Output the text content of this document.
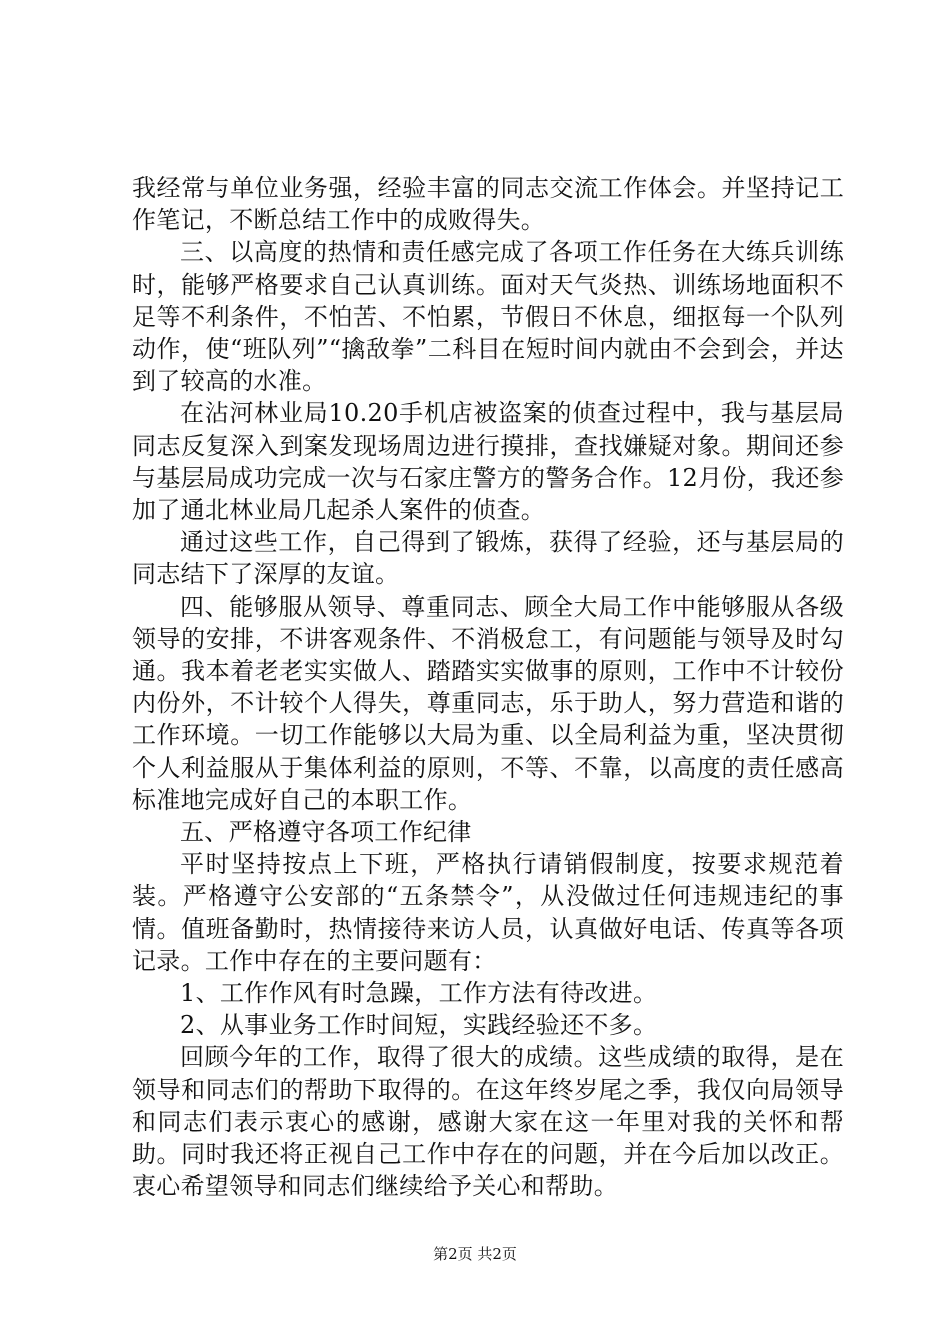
我经常与单位业务强，经验丰富的同志交流工作体会。并坚持记工作笔记，不断总结工作中的成败得失。

三、以高度的热情和责任感完成了各项工作任务在大练兵训练时，能够严格要求自己认真训练。面对天气炎热、训练场地面积不足等不利条件，不怕苦、不怕累，节假日不休息，细抠每一个队列动作，使“班队列”“擒敌拳”二科目在短时间内就由不会到会，并达到了较高的水准。

在沾河林业局10.20手机店被盗案的侦查过程中，我与基层局同志反复深入到案发现场周边进行摸排，查找嫌疑对象。期间还参与基层局成功完成一次与石家庄警方的警务合作。12月份，我还参加了通北林业局几起杀人案件的侦查。

通过这些工作，自己得到了锻炼，获得了经验，还与基层局的同志结下了深厚的友谊。

四、能够服从领导、尊重同志、顾全大局工作中能够服从各级领导的安排，不讲客观条件、不消极怠工，有问题能与领导及时勾通。我本着老老实实做人、踏踏实实做事的原则，工作中不计较份内份外，不计较个人得失，尊重同志，乐于助人，努力营造和谐的工作环境。一切工作能够以大局为重、以全局利益为重，坚决贯彻个人利益服从于集体利益的原则，不等、不靠，以高度的责任感高标准地完成好自己的本职工作。

五、严格遵守各项工作纪律

平时坚持按点上下班，严格执行请销假制度，按要求规范着装。严格遵守公安部的“五条禁令”，从没做过任何违规违纪的事情。值班备勤时，热情接待来访人员，认真做好电话、传真等各项记录。工作中存在的主要问题有：

1、工作作风有时急躁，工作方法有待改进。

2、从事业务工作时间短，实践经验还不多。

回顾今年的工作，取得了很大的成绩。这些成绩的取得，是在领导和同志们的帮助下取得的。在这年终岁尾之季，我仅向局领导和同志们表示衷心的感谢，感谢大家在这一年里对我的关怀和帮助。同时我还将正视自己工作中存在的问题，并在今后加以改正。衷心希望领导和同志们继续给予关心和帮助。

第2页 共2页
